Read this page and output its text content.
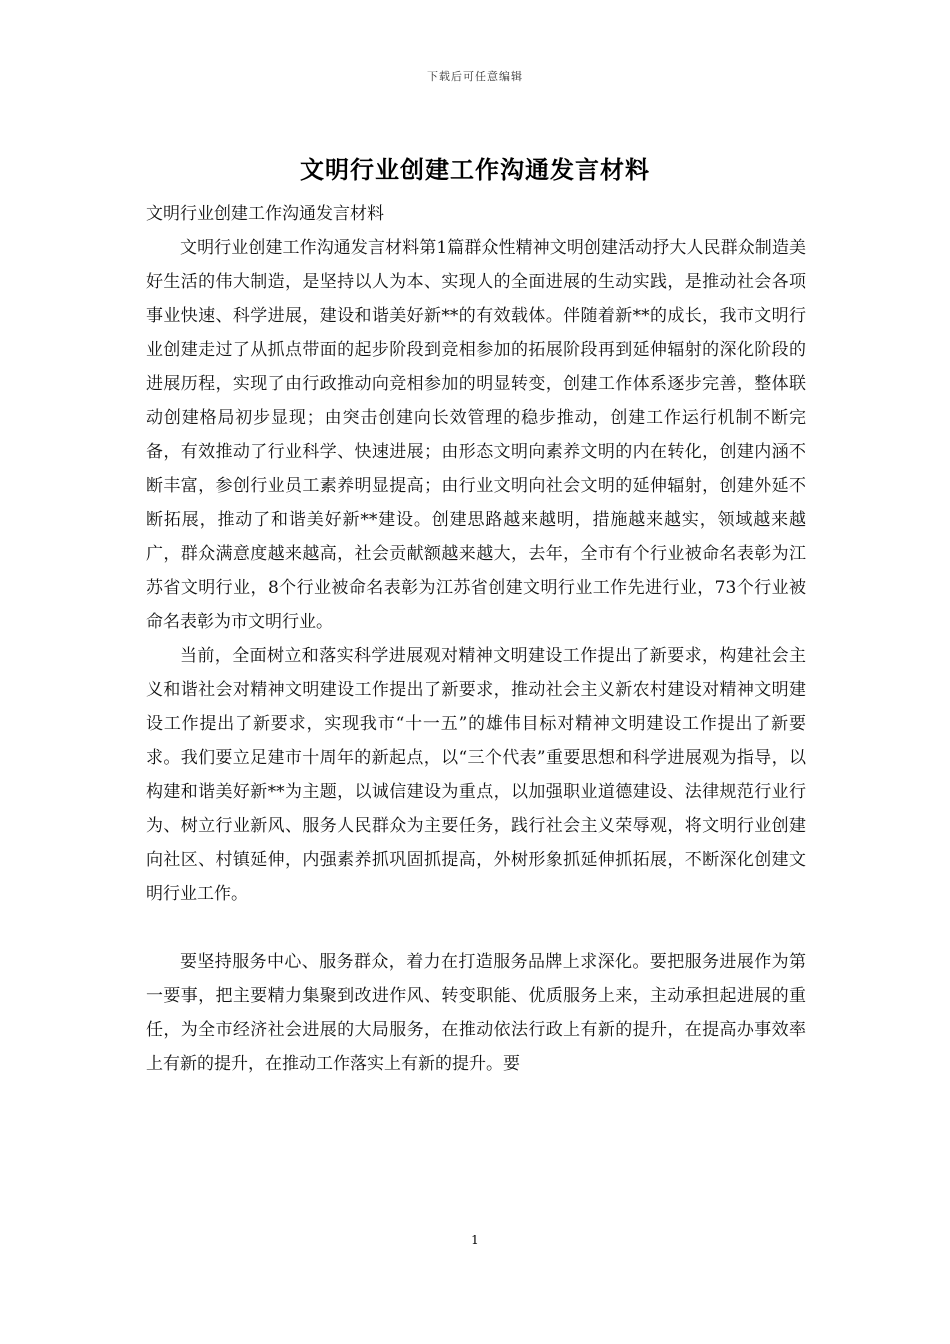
下载后可任意编辑
文明行业创建工作沟通发言材料

文明行业创建工作沟通发言材料

文明行业创建工作沟通发言材料第1篇群众性精神文明创建活动抒大人民群众制造美好生活的伟大制造，是坚持以人为本、实现人的全面进展的生动实践，是推动社会各项事业快速、科学进展，建设和谐美好新**的有效载体。伴随着新**的成长，我市文明行业创建走过了从抓点带面的起步阶段到竞相参加的拓展阶段再到延伸辐射的深化阶段的进展历程，实现了由行政推动向竞相参加的明显转变，创建工作体系逐步完善，整体联动创建格局初步显现；由突击创建向长效管理的稳步推动，创建工作运行机制不断完备，有效推动了行业科学、快速进展；由形态文明向素养文明的内在转化，创建内涵不断丰富，参创行业员工素养明显提高；由行业文明向社会文明的延伸辐射，创建外延不断拓展，推动了和谐美好新**建设。创建思路越来越明，措施越来越实，领域越来越广，群众满意度越来越高，社会贡献额越来越大，去年，全市有个行业被命名表彰为江苏省文明行业，8个行业被命名表彰为江苏省创建文明行业工作先进行业，73个行业被命名表彰为市文明行业。

当前，全面树立和落实科学进展观对精神文明建设工作提出了新要求，构建社会主义和谐社会对精神文明建设工作提出了新要求，推动社会主义新农村建设对精神文明建设工作提出了新要求，实现我市“十一五”的雄伟目标对精神文明建设工作提出了新要求。我们要立足建市十周年的新起点，以“三个代表”重要思想和科学进展观为指导，以构建和谐美好新**为主题，以诚信建设为重点，以加强职业道德建设、法律规范行业行为、树立行业新风、服务人民群众为主要任务，践行社会主义荣辱观，将文明行业创建向社区、村镇延伸，内强素养抓巩固抓提高，外树形象抓延伸抓拓展，不断深化创建文明行业工作。

要坚持服务中心、服务群众，着力在打造服务品牌上求深化。要把服务进展作为第一要事，把主要精力集聚到改进作风、转变职能、优质服务上来，主动承担起进展的重任，为全市经济社会进展的大局服务，在推动依法行政上有新的提升，在提高办事效率上有新的提升，在推动工作落实上有新的提升。要

1
